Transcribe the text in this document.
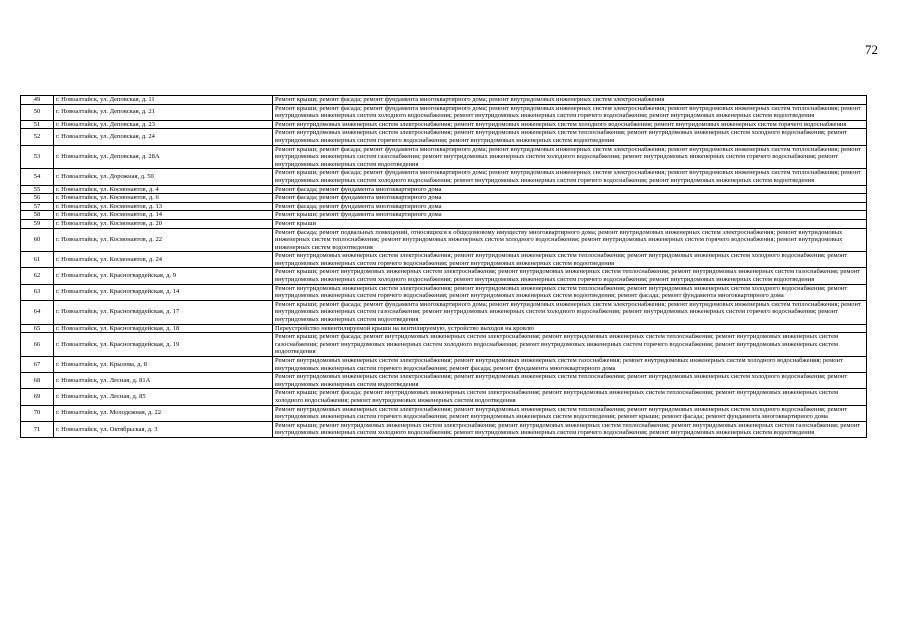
72
49	г. Новоалтайск, ул. Деповская, д. 11	Ремонт крыши; ремонт фасада; ремонт фундамента многоквартирного дома; ремонт внутридомовых инженерных систем электроснабжения
50	г. Новоалтайск, ул. Деповская, д. 21	Ремонт крыши; ремонт фасада; ремонт фундамента многоквартирного дома; ремонт внутридомовых инженерных систем электроснабжения; ремонт внутридомовых инженерных систем теплоснабжения; ремонт внутридомовых инженерных систем холодного водоснабжения; ремонт внутридомовых инженерных систем горячего водоснабжения; ремонт внутридомовых инженерных систем водоотведения
51	г. Новоалтайск, ул. Деповская, д. 23	Ремонт внутридомовых инженерных систем электроснабжения; ремонт внутридомовых инженерных систем холодного водоснабжения; ремонт внутридомовых инженерных систем горячего водоснабжения
52	г. Новоалтайск, ул. Деповская, д. 24	Ремонт внутридомовых инженерных систем электроснабжения; ремонт внутридомовых инженерных систем теплоснабжения; ремонт внутридомовых инженерных систем холодного водоснабжения; ремонт внутридомовых инженерных систем горячего водоснабжения; ремонт внутридомовых инженерных систем водоотведения
53	г. Новоалтайск, ул. Деповская, д. 28А	Ремонт крыши; ремонт фасада; ремонт фундамента многоквартирного дома; ремонт внутридомовых инженерных систем электроснабжения; ремонт внутридомовых инженерных систем теплоснабжения; ремонт внутридомовых инженерных систем газоснабжения; ремонт внутридомовых инженерных систем холодного водоснабжения; ремонт внутридомовых инженерных систем горячего водоснабжения; ремонт внутридомовых инженерных систем водоотведения
54	г. Новоалтайск, ул. Дорожная, д. 50	Ремонт крыши; ремонт фасада; ремонт фундамента многоквартирного дома; ремонт внутридомовых инженерных систем электроснабжения; ремонт внутридомовых инженерных систем теплоснабжения; ремонт внутридомовых инженерных систем холодного водоснабжения; ремонт внутридомовых инженерных систем горячего водоснабжения; ремонт внутридомовых инженерных систем водоотведения
55	г. Новоалтайск, ул. Космонавтов, д. 4	Ремонт фасада; ремонт фундамента многоквартирного дома
56	г. Новоалтайск, ул. Космонавтов, д. 6	Ремонт фасада; ремонт фундамента многоквартирного дома
57	г. Новоалтайск, ул. Космонавтов, д. 13	Ремонт фасада; ремонт фундамента многоквартирного дома
58	г. Новоалтайск, ул. Космонавтов, д. 14	Ремонт крыши; ремонт фундамента многоквартирного дома
59	г. Новоалтайск, ул. Космонавтов, д. 20	Ремонт крыши
60	г. Новоалтайск, ул. Космонавтов, д. 22	Ремонт фасада; ремонт подвальных помещений, относящихся к общедомовому имуществу многоквартирного дома; ремонт внутридомовых инженерных систем электроснабжения; ремонт внутридомовых инженерных систем теплоснабжения; ремонт внутридомовых инженерных систем холодного водоснабжения; ремонт внутридомовых инженерных систем горячего водоснабжения; ремонт внутридомовых инженерных систем водоотведения
61	г. Новоалтайск, ул. Космонавтов, д. 24	Ремонт внутридомовых инженерных систем электроснабжения; ремонт внутридомовых инженерных систем теплоснабжения; ремонт внутридомовых инженерных систем холодного водоснабжения; ремонт внутридомовых инженерных систем горячего водоснабжения; ремонт внутридомовых инженерных систем водоотведения
62	г. Новоалтайск, ул. Красногвардейская, д. 9	Ремонт крыши; ремонт внутридомовых инженерных систем электроснабжения; ремонт внутридомовых инженерных систем теплоснабжения; ремонт внутридомовых инженерных систем газоснабжения; ремонт внутридомовых инженерных систем холодного водоснабжения; ремонт внутридомовых инженерных систем горячего водоснабжения; ремонт внутридомовых инженерных систем водоотведения
63	г. Новоалтайск, ул. Красногвардейская, д. 14	Ремонт внутридомовых инженерных систем электроснабжения; ремонт внутридомовых инженерных систем теплоснабжения; ремонт внутридомовых инженерных систем холодного водоснабжения; ремонт внутридомовых инженерных систем горячего водоснабжения; ремонт внутридомовых инженерных систем водоотведения; ремонт фасада; ремонт фундамента многоквартирного дома
64	г. Новоалтайск, ул. Красногвардейская, д. 17	Ремонт крыши; ремонт фасада; ремонт фундамента многоквартирного дома; ремонт внутридомовых инженерных систем электроснабжения; ремонт внутридомовых инженерных систем теплоснабжения; ремонт внутридомовых инженерных систем газоснабжения; ремонт внутридомовых инженерных систем холодного водоснабжения; ремонт внутридомовых инженерных систем горячего водоснабжения; ремонт внутридомовых инженерных систем водоотведения
65	г. Новоалтайск, ул. Красногвардейская, д. 18	Переустройство невентилируемой крыши на вентилируемую, устройство выходов на кровлю
66	г. Новоалтайск, ул. Красногвардейская, д. 19	Ремонт крыши; ремонт фасада; ремонт внутридомовых инженерных систем электроснабжения; ремонт внутридомовых инженерных систем теплоснабжения; ремонт внутридомовых инженерных систем газоснабжения; ремонт внутридомовых инженерных систем холодного водоснабжения; ремонт внутридомовых инженерных систем горячего водоснабжения; ремонт внутридомовых инженерных систем водоотведения
67	г. Новоалтайск, ул. Крылова, д. 8	Ремонт внутридомовых инженерных систем электроснабжения; ремонт внутридомовых инженерных систем газоснабжения; ремонт внутридомовых инженерных систем холодного водоснабжения; ремонт внутридомовых инженерных систем горячего водоснабжения; ремонт фасада; ремонт фундамента многоквартирного дома
68	г. Новоалтайск, ул. Лесная, д. 81А	Ремонт внутридомовых инженерных систем электроснабжения; ремонт внутридомовых инженерных систем теплоснабжения; ремонт внутридомовых инженерных систем холодного водоснабжения; ремонт внутридомовых инженерных систем водоотведения
69	г. Новоалтайск, ул. Лесная, д. 85	Ремонт крыши; ремонт фасада; ремонт внутридомовых инженерных систем электроснабжения; ремонт внутридомовых инженерных систем теплоснабжения; ремонт внутридомовых инженерных систем холодного водоснабжения; ремонт внутридомовых инженерных систем водоотведения
70	г. Новоалтайск, ул. Молодежная, д. 22	Ремонт внутридомовых инженерных систем электроснабжения; ремонт внутридомовых инженерных систем теплоснабжения; ремонт внутридомовых инженерных систем холодного водоснабжения; ремонт внутридомовых инженерных систем горячего водоснабжения; ремонт внутридомовых инженерных систем водоотведения; ремонт крыши; ремонт фасада; ремонт фундамента многоквартирного дома
71	г. Новоалтайск, ул. Октябрьская, д. 3	Ремонт крыши; ремонт внутридомовых инженерных систем электроснабжения; ремонт внутридомовых инженерных систем теплоснабжения; ремонт внутридомовых инженерных систем газоснабжения; ремонт внутридомовых инженерных систем холодного водоснабжения; ремонт внутридомовых инженерных систем горячего водоснабжения; ремонт внутридомовых инженерных систем водоотведения
